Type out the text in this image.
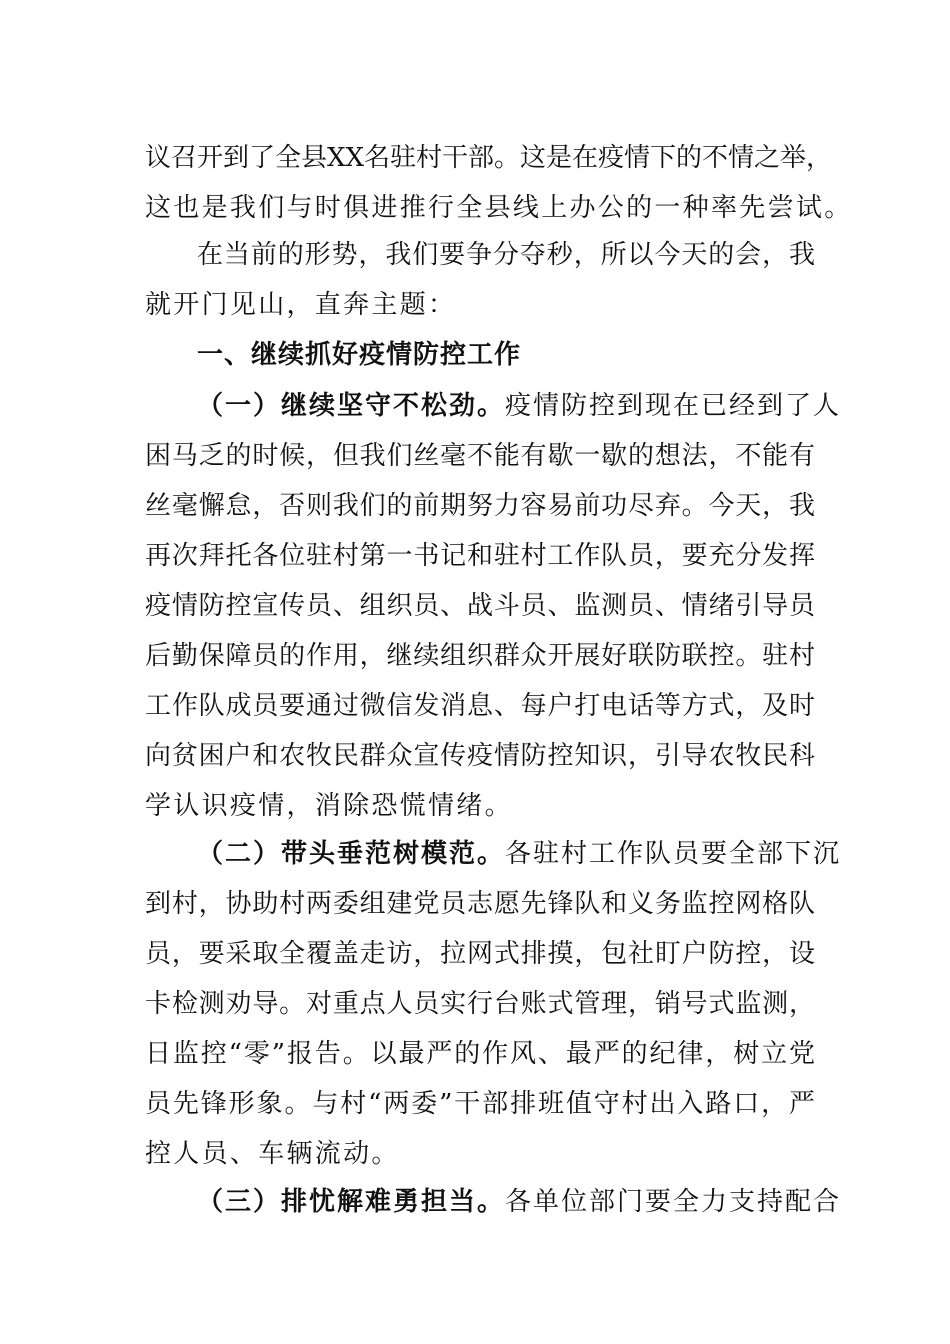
议召开到了全县XX名驻村干部。这是在疫情下的不情之举，
这也是我们与时俱进推行全县线上办公的一种率先尝试。
在当前的形势，我们要争分夺秒，所以今天的会，我
就开门见山，直奔主题：
一、继续抓好疫情防控工作
（一）继续坚守不松劲。 疫情防控到现在已经到了人
困马乏的时候，但我们丝毫不能有歇一歇的想法，不能有
丝毫懈怠，否则我们的前期努力容易前功尽弃。今天，我
再次拜托各位驻村第一书记和驻村工作队员，要充分发挥
疫情防控宣传员、组织员、战斗员、监测员、情绪引导员
后勤保障员的作用，继续组织群众开展好联防联控。驻村
工作队成员要通过微信发消息、每户打电话等方式，及时
向贫困户和农牧民群众宣传疫情防控知识，引导农牧民科
学认识疫情，消除恐慌情绪。
（二）带头垂范树模范。 各驻村工作队员要全部下沉
到村，协助村两委组建党员志愿先锋队和义务监控网格队
员，要采取全覆盖走访，拉网式排摸，包社盯户防控，设
卡检测劝导。对重点人员实行台账式管理，销号式监测，
日监控“零”报告。以最严的作风、最严的纪律，树立党
员先锋形象。与村“两委”干部排班值守村出入路口，严
控人员、车辆流动。
（三）排忧解难勇担当。 各单位部门要全力支持配合
